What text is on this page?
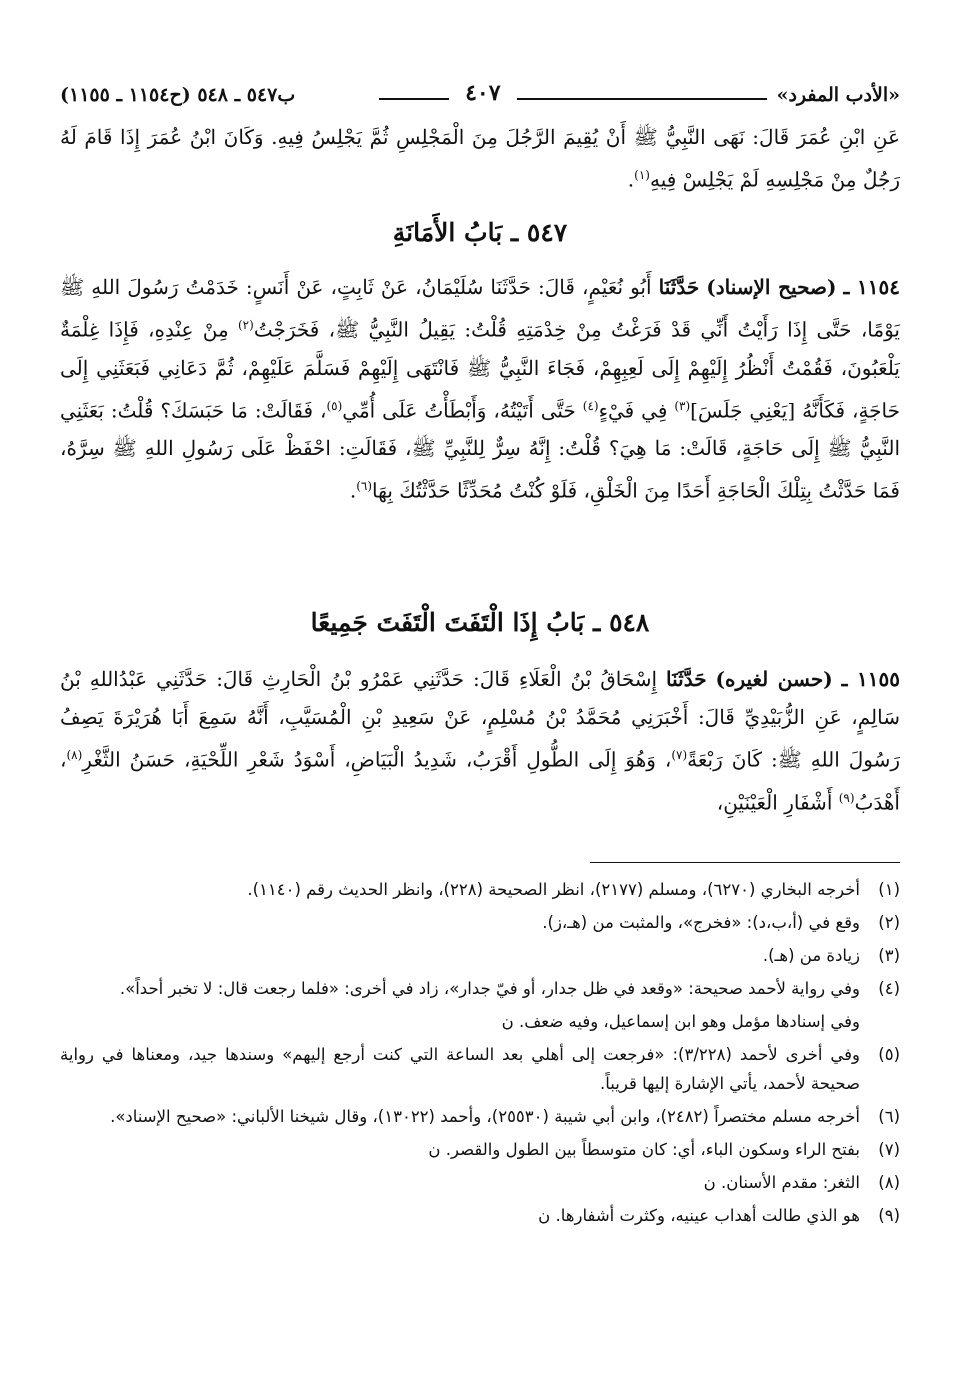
«الأدب المفرد»
٤٠٧
ب٥٤٧ ـ ٥٤٨ (ح١١٥٤ ـ ١١٥٥)

عَنِ ابْنِ عُمَرَ قَالَ: نَهَى النَّبِيُّ ﷺ أَنْ يُقِيمَ الرَّجُلَ مِنَ الْمَجْلِسِ ثُمَّ يَجْلِسُ فِيهِ. وَكَانَ ابْنُ عُمَرَ إِذَا قَامَ لَهُ رَجُلٌ مِنْ مَجْلِسِهِ لَمْ يَجْلِسْ فِيهِ$^{(١)}$.

٥٤٧ ـ بَابُ الأَمَانَةِ

١١٥٤ ـ (صحيح الإسناد) حَدَّثَنَا أَبُو نُعَيْمٍ، قَالَ: حَدَّثَنَا سُلَيْمَانُ، عَنْ ثَابِتٍ، عَنْ أَنَسٍ: خَدَمْتُ رَسُولَ اللهِ ﷺ يَوْمًا، حَتَّى إِذَا رَأَيْتُ أَنِّي قَدْ فَرَغْتُ مِنْ خِدْمَتِهِ قُلْتُ: يَقِيلُ النَّبِيُّ ﷺ، فَخَرَجْتُ$^{(٢)}$ مِنْ عِنْدِهِ، فَإِذَا غِلْمَةٌ يَلْعَبُونَ، فَقُمْتُ أَنْظُرُ إِلَيْهِمْ إِلَى لَعِبِهِمْ، فَجَاءَ النَّبِيُّ ﷺ فَانْتَهَى إِلَيْهِمْ فَسَلَّمَ عَلَيْهِمْ، ثُمَّ دَعَانِي فَبَعَثَنِي إِلَى حَاجَةٍ، فَكَأَنَّهُ [يَعْنِي جَلَسَ]$^{(٣)}$ فِي فَيْءٍ$^{(٤)}$ حَتَّى أَتَيْتُهُ، وَأَبْطَأْتُ عَلَى أُمِّي$^{(٥)}$، فَقَالَتْ: مَا حَبَسَكَ؟ قُلْتُ: بَعَثَنِي النَّبِيُّ ﷺ إِلَى حَاجَةٍ، قَالَتْ: مَا هِيَ؟ قُلْتُ: إِنَّهُ سِرٌّ لِلنَّبِيِّ ﷺ، فَقَالَتِ: احْفَظْ عَلَى رَسُولِ اللهِ ﷺ سِرَّهُ، فَمَا حَدَّثْتُ بِتِلْكَ الْحَاجَةِ أَحَدًا مِنَ الْخَلْقِ، فَلَوْ كُنْتُ مُحَدِّثًا حَدَّثْتُكَ بِهَا$^{(٦)}$.

٥٤٨ ـ بَابُ إِذَا الْتَفَتَ الْتَفَتَ جَمِيعًا

١١٥٥ ـ (حسن لغيره) حَدَّثَنَا إِسْحَاقُ بْنُ الْعَلَاءِ قَالَ: حَدَّثَنِي عَمْرُو بْنُ الْحَارِثِ قَالَ: حَدَّثَنِي عَبْدُاللهِ بْنُ سَالِمٍ، عَنِ الزُّبَيْدِيِّ قَالَ: أَخْبَرَنِي مُحَمَّدُ بْنُ مُسْلِمٍ، عَنْ سَعِيدِ بْنِ الْمُسَيَّبِ، أَنَّهُ سَمِعَ أَبَا هُرَيْرَةَ يَصِفُ رَسُولَ اللهِ ﷺ: كَانَ رَبْعَةً$^{(٧)}$، وَهُوَ إِلَى الطُّولِ أَقْرَبُ، شَدِيدُ الْبَيَاضِ، أَسْوَدُ شَعْرِ اللِّحْيَةِ، حَسَنُ الثَّغْرِ$^{(٨)}$، أَهْدَبُ$^{(٩)}$ أَشْفَارِ الْعَيْنَيْنِ،

(١)
أخرجه البخاري (٦٢٧٠)، ومسلم (٢١٧٧)، انظر الصحيحة (٢٢٨)، وانظر الحديث رقم (١١٤٠).
(٢)
وقع في (أ،ب،د): «فخرج»، والمثبت من (هـ،ز).
(٣)
زيادة من (هـ).
(٤)
وفي رواية لأحمد صحيحة: «وقعد في ظل جدار، أو فيّ جدار»، زاد في أخرى: «فلما رجعت قال: لا تخبر أحداً».
وفي إسنادها مؤمل وهو ابن إسماعيل، وفيه ضعف. ن
(٥)
وفي أخرى لأحمد (٣/٢٢٨): «فرجعت إلى أهلي بعد الساعة التي كنت أرجع إليهم» وسندها جيد، ومعناها في رواية صحيحة لأحمد، يأتي الإشارة إليها قريباً.
(٦)
أخرجه مسلم مختصراً (٢٤٨٢)، وابن أبي شيبة (٢٥٥٣٠)، وأحمد (١٣٠٢٢)، وقال شيخنا الألباني: «صحيح الإسناد».
(٧)
بفتح الراء وسكون الباء، أي: كان متوسطاً بين الطول والقصر. ن
(٨)
الثغر: مقدم الأسنان. ن
(٩)
هو الذي طالت أهداب عينيه، وكثرت أشفارها. ن
